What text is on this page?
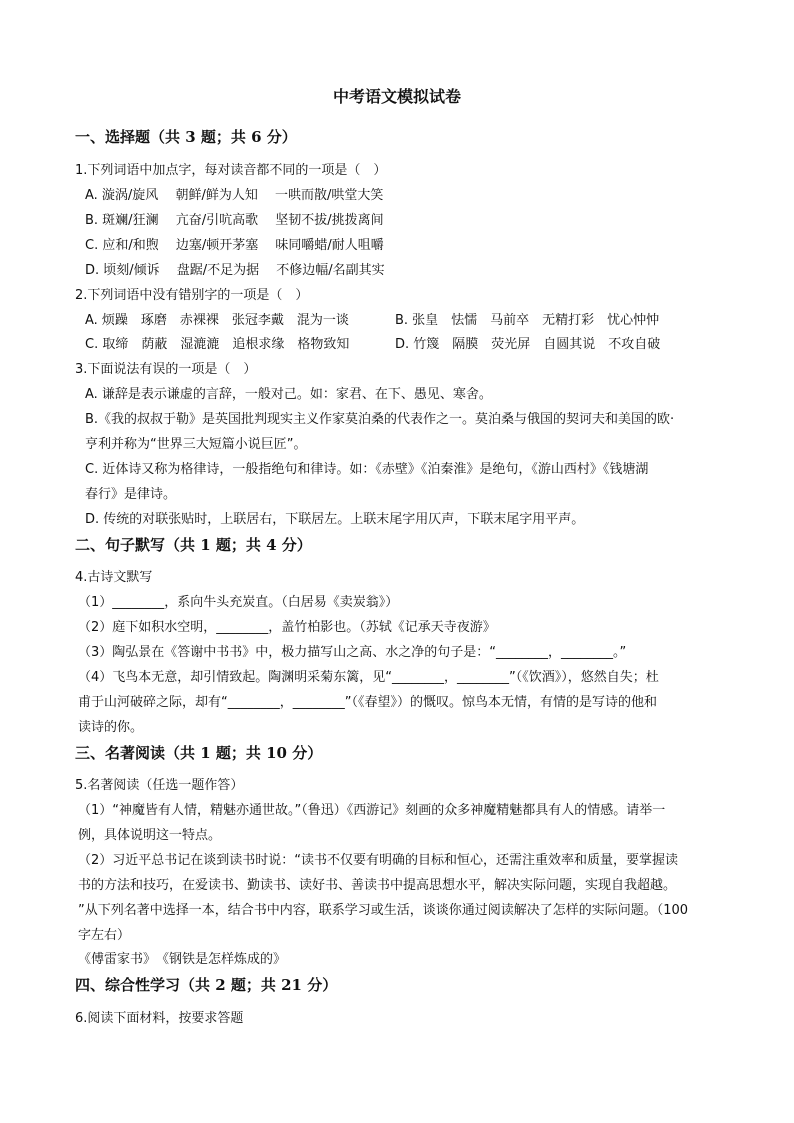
中考语文模拟试卷
一、选择题（共 3 题；共 6 分）
1.下列词语中加点字，每对读音都不同的一项是（　）
A. 漩涡/旋风　 朝鲜/鲜为人知　 一哄而散/哄堂大笑
B. 斑斓/狂澜　 亢奋/引吭高歌　 坚韧不拔/挑拨离间
C. 应和/和煦　 边塞/顿开茅塞　 味同嚼蜡/耐人咀嚼
D. 顷刻/倾诉　 盘踞/不足为据　 不修边幅/名副其实
2.下列词语中没有错别字的一项是（　）
A. 烦躁　琢磨　赤裸裸　张冠李戴　混为一谈	B. 张皇　怯懦　马前卒　无精打彩　忧心忡忡
C. 取缔　荫蔽　湿漉漉　追根求缘　格物致知	D. 竹篾　隔膜　荧光屏　自圆其说　不攻自破
3.下面说法有误的一项是（　）
A. 谦辞是表示谦虚的言辞，一般对己。如：家君、在下、愚见、寒舍。
B.《我的叔叔于勒》是英国批判现实主义作家莫泊桑的代表作之一。莫泊桑与俄国的契诃夫和美国的欧·
亨利并称为“世界三大短篇小说巨匠”。
C. 近体诗又称为格律诗，一般指绝句和律诗。如：《赤壁》《泊秦淮》是绝句，《游山西村》《钱塘湖
春行》是律诗。
D. 传统的对联张贴时，上联居右，下联居左。上联末尾字用仄声，下联末尾字用平声。
二、句子默写（共 1 题；共 4 分）
4.古诗文默写
（1）________，系向牛头充炭直。（白居易《卖炭翁》）
（2）庭下如积水空明，________，盖竹柏影也。（苏轼《记承天寺夜游》
（3）陶弘景在《答谢中书书》中，极力描写山之高、水之净的句子是：“________，________。”
（4）飞鸟本无意，却引情致起。陶渊明采菊东篱，见“________，________”（《饮酒》），悠然自失；杜
甫于山河破碎之际，却有“________，________”（《春望》）的慨叹。惊鸟本无情，有情的是写诗的他和
读诗的你。
三、名著阅读（共 1 题；共 10 分）
5.名著阅读（任选一题作答）
（1）“神魔皆有人情，精魅亦通世故。”（鲁迅）《西游记》刻画的众多神魔精魅都具有人的情感。请举一
例，具体说明这一特点。
（2）习近平总书记在谈到读书时说：“读书不仅要有明确的目标和恒心，还需注重效率和质量，要掌握读
书的方法和技巧，在爱读书、勤读书、读好书、善读书中提高思想水平，解决实际问题，实现自我超越。
”从下列名著中选择一本，结合书中内容，联系学习或生活，谈谈你通过阅读解决了怎样的实际问题。（100
字左右）
《傅雷家书》　《钢铁是怎样炼成的》
四、综合性学习（共 2 题；共 21 分）
6.阅读下面材料，按要求答题
